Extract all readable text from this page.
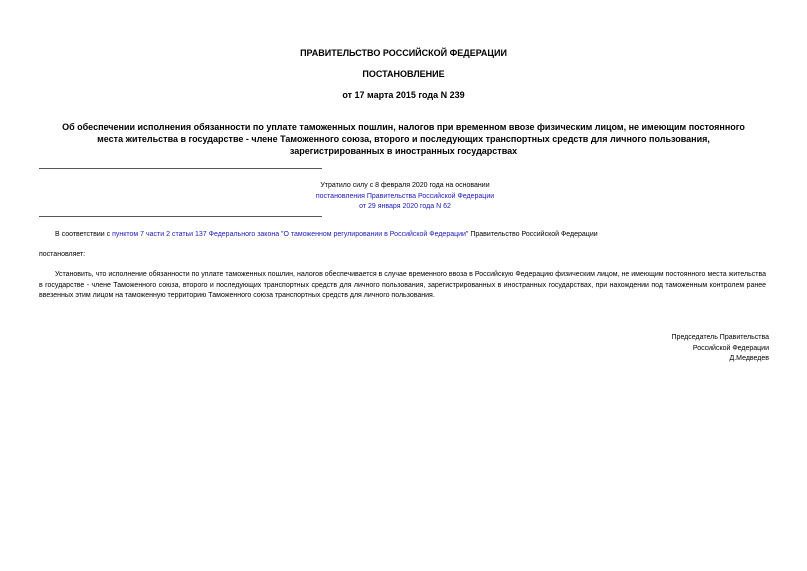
ПРАВИТЕЛЬСТВО РОССИЙСКОЙ ФЕДЕРАЦИИ
ПОСТАНОВЛЕНИЕ
от 17 марта 2015 года N 239
Об обеспечении исполнения обязанности по уплате таможенных пошлин, налогов при временном ввозе физическим лицом, не имеющим постоянного места жительства в государстве - члене Таможенного союза, второго и последующих транспортных средств для личного пользования, зарегистрированных в иностранных государствах
Утратило силу с 8 февраля 2020 года на основании
постановления Правительства Российской Федерации
от 29 января 2020 года N 62
В соответствии с пунктом 7 части 2 статьи 137 Федерального закона "О таможенном регулировании в Российской Федерации" Правительство Российской Федерации
постановляет:
Установить, что исполнение обязанности по уплате таможенных пошлин, налогов обеспечивается в случае временного ввоза в Российскую Федерацию физическим лицом, не имеющим постоянного места жительства в государстве - члене Таможенного союза, второго и последующих транспортных средств для личного пользования, зарегистрированных в иностранных государствах, при нахождении под таможенным контролем ранее ввезенных этим лицом на таможенную территорию Таможенного союза транспортных средств для личного пользования.
Председатель Правительства
Российской Федерации
Д.Медведев
